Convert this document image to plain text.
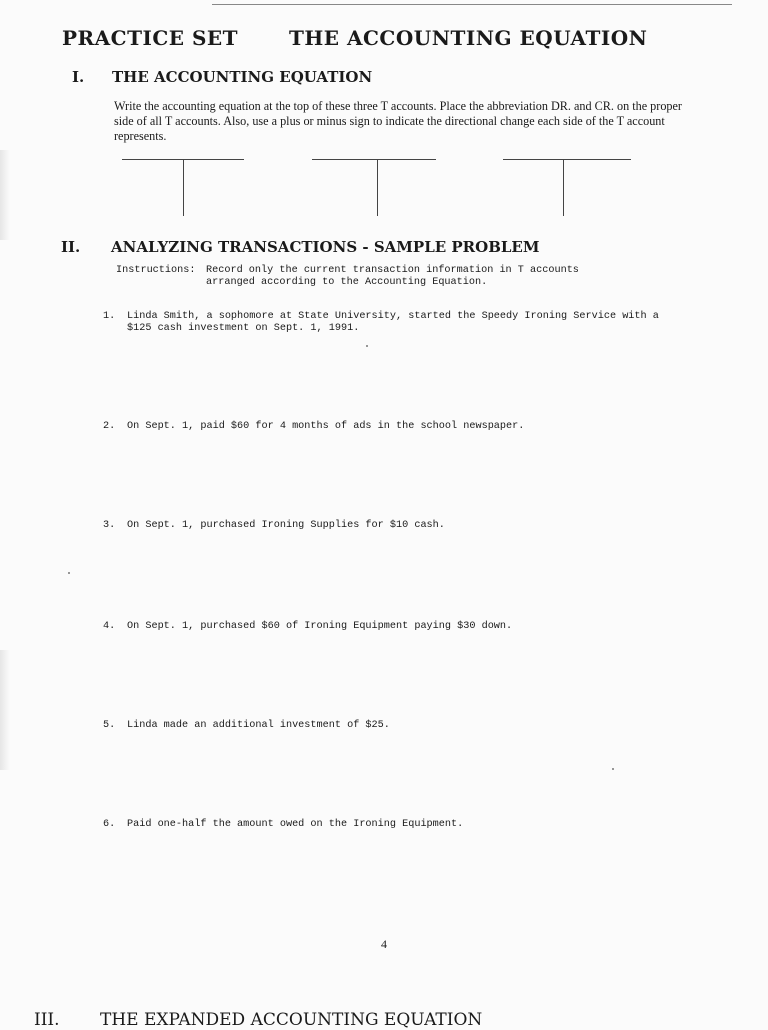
PRACTICE SET	THE ACCOUNTING EQUATION
I. THE ACCOUNTING EQUATION

Write the accounting equation at the top of these three T accounts. Place the abbreviation DR. and CR. on the proper side of all T accounts. Also, use a plus or minus sign to indicate the directional change each side of the T account represents.

II. ANALYZING TRANSACTIONS - SAMPLE PROBLEM
Instructions:	Record only the current transaction information in T accounts arranged according to the Accounting Equation.
1.	Linda Smith, a sophomore at State University, started the Speedy Ironing Service with a $125 cash investment on Sept. 1, 1991.
2.	On Sept. 1, paid $60 for 4 months of ads in the school newspaper.
3.	On Sept. 1, purchased Ironing Supplies for $10 cash.
4.	On Sept. 1, purchased $60 of Ironing Equipment paying $30 down.
5.	Linda made an additional investment of $25.
6.	Paid one-half the amount owed on the Ironing Equipment.
4
III. THE EXPANDED ACCOUNTING EQUATION
